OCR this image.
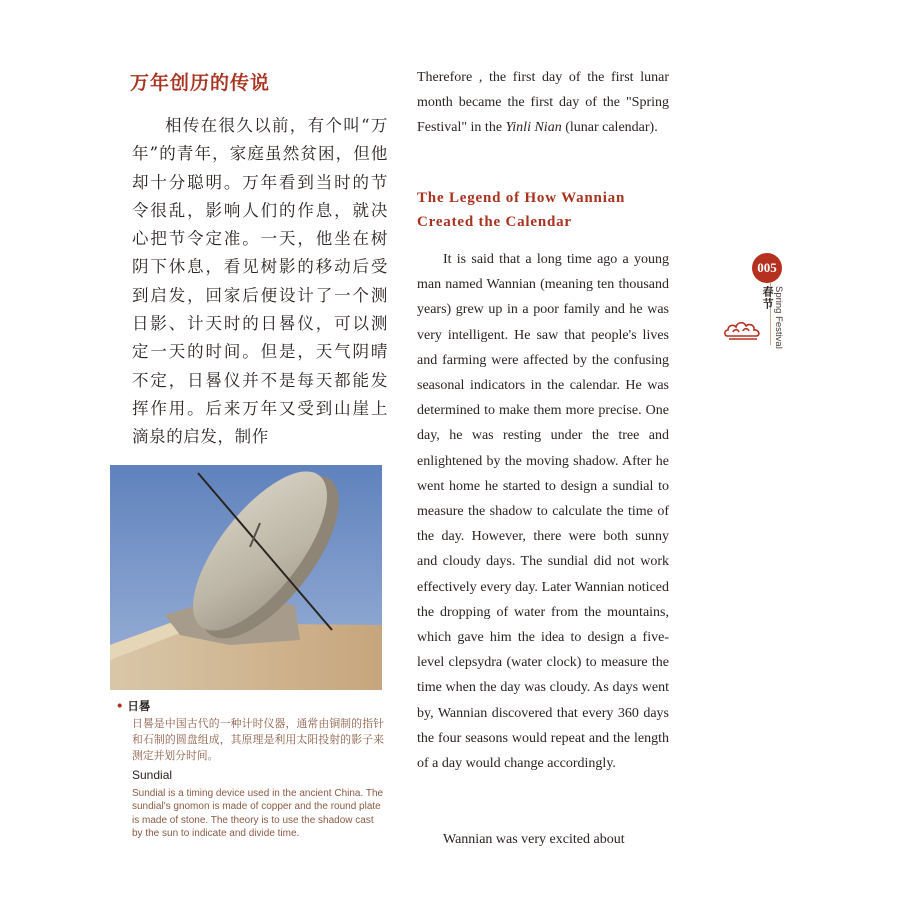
万年创历的传说
相传在很久以前，有个叫“万年”的青年，家庭虽然贫困，但他却十分聪明。万年看到当时的节令很乱，影响人们的作息，就决心把节令定准。一天，他坐在树阴下休息，看见树影的移动后受到启发，回家后便设计了一个测日影、计天时的日晷仪，可以测定一天的时间。但是，天气阴晴不定，日晷仪并不是每天都能发挥作用。后来万年又受到山崖上滴泉的启发，制作
• 日晷
日晷是中国古代的一种计时仪器，通常由铜制的指针和石制的圆盘组成，其原理是利用太阳投射的影子来测定并划分时间。
Sundial
Sundial is a timing device used in the ancient China. The sundial's gnomon is made of copper and the round plate is made of stone. The theory is to use the shadow cast by the sun to indicate and divide time.
Therefore , the first day of the first lunar month became the first day of the "Spring Festival" in the Yinli Nian (lunar calendar).
The Legend of How Wannian
Created the Calendar
It is said that a long time ago a young man named Wannian (meaning ten thousand years) grew up in a poor family and he was very intelligent. He saw that people's lives and farming were affected by the confusing seasonal indicators in the calendar. He was determined to make them more precise. One day, he was resting under the tree and enlightened by the moving shadow. After he went home he started to design a sundial to measure the shadow to calculate the time of the day. However, there were both sunny and cloudy days. The sundial did not work effectively every day. Later Wannian noticed the dropping of water from the mountains, which gave him the idea to design a five-level clepsydra (water clock) to measure the time when the day was cloudy. As days went by, Wannian discovered that every 360 days the four seasons would repeat and the length of a day would change accordingly.
Wannian was very excited about
005
春节 Spring Festival
